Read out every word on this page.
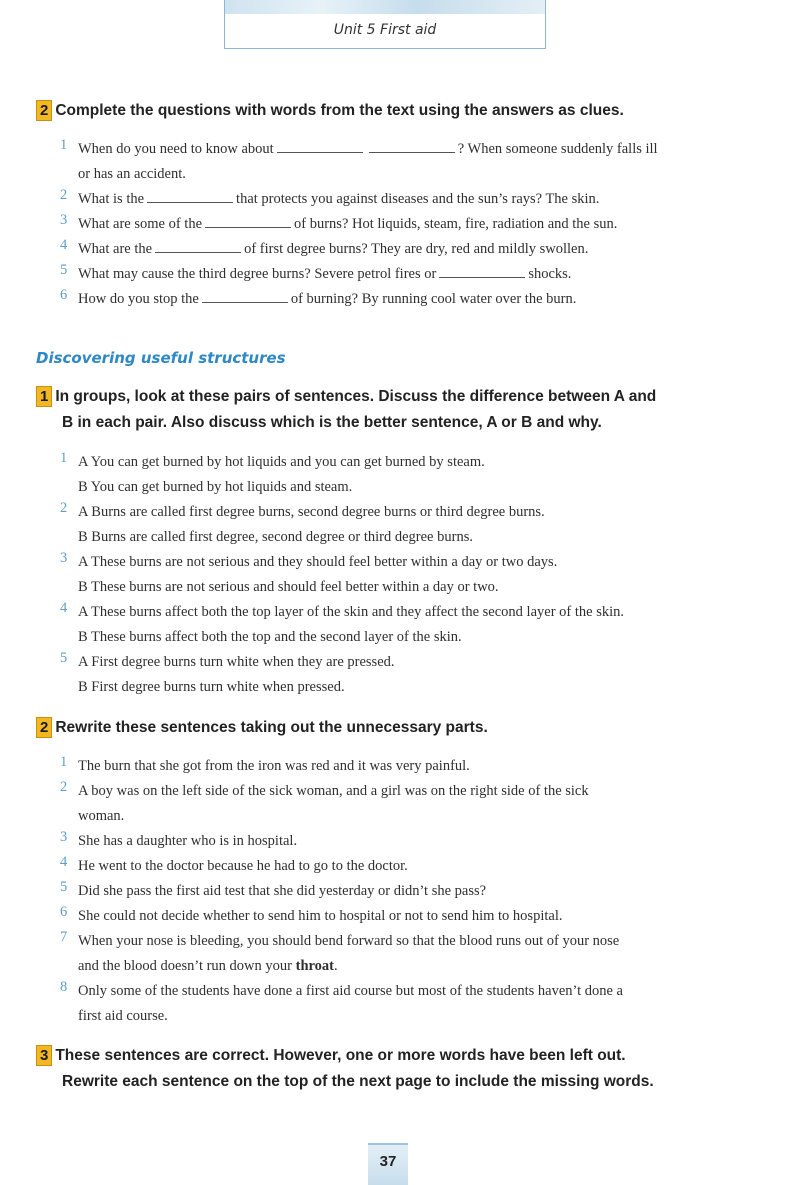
Unit 5 First aid
2 Complete the questions with words from the text using the answers as clues.
1 When do you need to know about	? When someone suddenly falls ill
or has an accident.
2 What is the	that protects you against diseases and the sun’s rays? The skin.
3 What are some of the	of burns? Hot liquids, steam, fire, radiation and the sun.
4 What are the	of first degree burns? They are dry, red and mildly swollen.
5 What may cause the third degree burns? Severe petrol fires or	shocks.
6 How do you stop the	of burning? By running cool water over the burn.
Discovering useful structures
1 In groups, look at these pairs of sentences. Discuss the difference between A and
B in each pair. Also discuss which is the better sentence, A or B and why.
1 A You can get burned by hot liquids and you can get burned by steam.
B You can get burned by hot liquids and steam.
2 A Burns are called first degree burns, second degree burns or third degree burns.
B Burns are called first degree, second degree or third degree burns.
3 A These burns are not serious and they should feel better within a day or two days.
B These burns are not serious and should feel better within a day or two.
4 A These burns affect both the top layer of the skin and they affect the second layer of the skin.
B These burns affect both the top and the second layer of the skin.
5 A First degree burns turn white when they are pressed.
B First degree burns turn white when pressed.
2 Rewrite these sentences taking out the unnecessary parts.
1 The burn that she got from the iron was red and it was very painful.
2 A boy was on the left side of the sick woman, and a girl was on the right side of the sick
woman.
3 She has a daughter who is in hospital.
4 He went to the doctor because he had to go to the doctor.
5 Did she pass the first aid test that she did yesterday or didn’t she pass?
6 She could not decide whether to send him to hospital or not to send him to hospital.
7 When your nose is bleeding, you should bend forward so that the blood runs out of your nose
and the blood doesn’t run down your throat.
8 Only some of the students have done a first aid course but most of the students haven’t done a
first aid course.
3 These sentences are correct. However, one or more words have been left out.
Rewrite each sentence on the top of the next page to include the missing words.
37
